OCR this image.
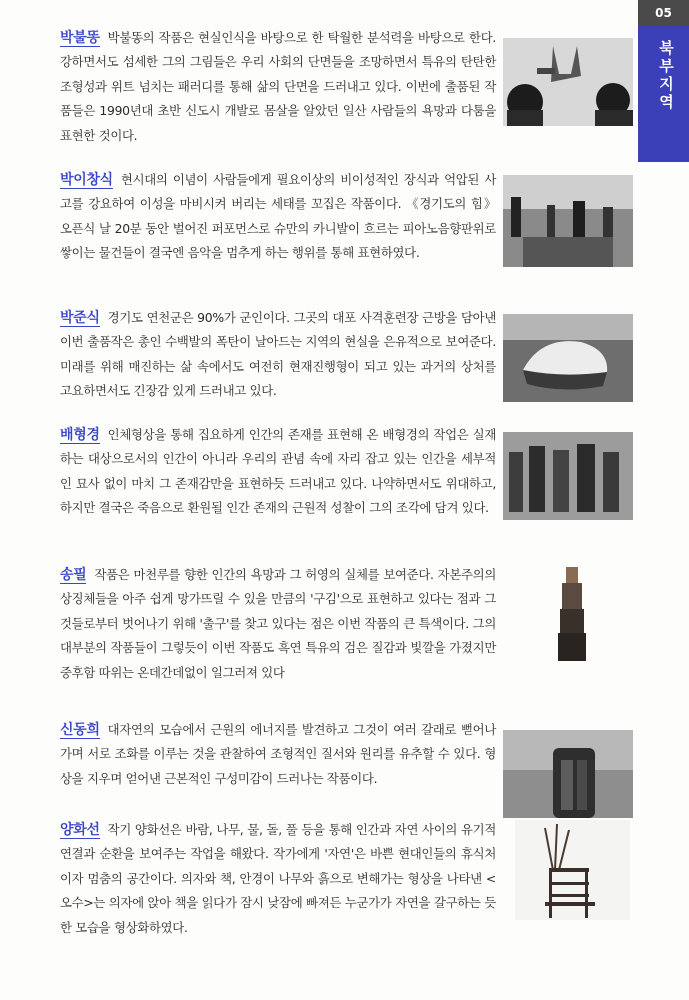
05
북부지역

박불똥 박불똥의 작품은 현실인식을 바탕으로 한 탁월한 분석력을 바탕으로 한다. 강하면서도 섬세한 그의 그림들은 우리 사회의 단면들을 조망하면서 특유의 탄탄한 조형성과 위트 넘치는 패러디를 통해 삶의 단면을 드러내고 있다. 이번에 출품된 작품들은 1990년대 초반 신도시 개발로 몸살을 알았던 일산 사람들의 욕망과 다툼을 표현한 것이다.

박이창식 현시대의 이념이 사람들에게 필요이상의 비이성적인 장식과 억압된 사고를 강요하여 이성을 마비시켜 버리는 세태를 꼬집은 작품이다. 《경기도의 힘》 오픈식 날 20분 동안 벌어진 퍼포먼스로 슈만의 카니발이 흐르는 피아노음향판위로 쌓이는 물건들이 결국엔 음악을 멈추게 하는 행위를 통해 표현하였다.

박준식 경기도 연천군은 90%가 군인이다. 그곳의 대포 사격훈련장 근방을 담아낸 이번 출품작은 총인 수백발의 폭탄이 날아드는 지역의 현실을 은유적으로 보여준다. 미래를 위해 매진하는 삶 속에서도 여전히 현재진행형이 되고 있는 과거의 상처를 고요하면서도 긴장감 있게 드러내고 있다.

배형경 인체형상을 통해 집요하게 인간의 존재를 표현해 온 배형경의 작업은 실재하는 대상으로서의 인간이 아니라 우리의 관념 속에 자리 잡고 있는 인간을 세부적인 묘사 없이 마치 그 존재감만을 표현하듯 드러내고 있다. 나약하면서도 위대하고, 하지만 결국은 죽음으로 환원될 인간 존재의 근원적 성찰이 그의 조각에 담겨 있다.

송필 작품은 마천루를 향한 인간의 욕망과 그 허영의 실체를 보여준다. 자본주의의 상징체들을 아주 쉽게 망가뜨릴 수 있을 만큼의 '구김'으로 표현하고 있다는 점과 그것들로부터 벗어나기 위해 '출구'를 찾고 있다는 점은 이번 작품의 큰 특색이다. 그의 대부분의 작품들이 그렇듯이 이번 작품도 흑연 특유의 검은 질감과 빛깔을 가졌지만 중후함 따위는 온데간데없이 일그러져 있다

신동희 대자연의 모습에서 근원의 에너지를 발견하고 그것이 여러 갈래로 뻗어나가며 서로 조화를 이루는 것을 관찰하여 조형적인 질서와 원리를 유추할 수 있다. 형상을 지우며 얻어낸 근본적인 구성미감이 드러나는 작품이다.

양화선 작기 양화선은 바람, 나무, 물, 돌, 풀 등을 통해 인간과 자연 사이의 유기적 연결과 순환을 보여주는 작업을 해왔다. 작가에게 '자연'은 바쁜 현대인들의 휴식처이자 멈춤의 공간이다. 의자와 책, 안경이 나무와 흙으로 변해가는 형상을 나타낸 <오수>는 의자에 앉아 책을 읽다가 잠시 낮잠에 빠져든 누군가가 자연을 갈구하는 듯한 모습을 형상화하였다.
